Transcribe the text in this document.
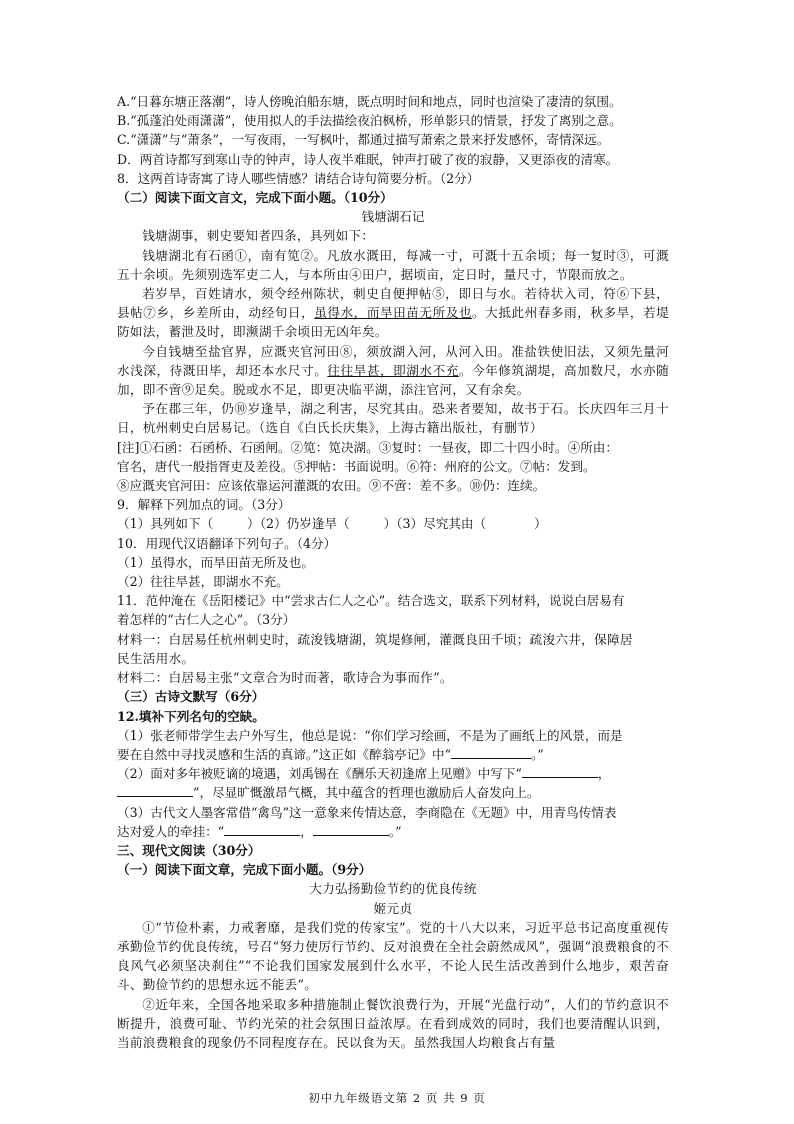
A.“日暮东塘正落潮”，诗人傍晚泊船东塘，既点明时间和地点，同时也渲染了凄清的氛围。

B.“孤蓬泊处雨潇潇”，使用拟人的手法描绘夜泊枫桥，形单影只的情景，抒发了离别之意。

C.“潇潇”与“萧条”，一写夜雨，一写枫叶，都通过描写萧索之景来抒发感怀，寄情深远。

D．两首诗都写到寒山寺的钟声，诗人夜半难眠，钟声打破了夜的寂静，又更添夜的清寒。

8．这两首诗寄寓了诗人哪些情感？请结合诗句简要分析。（2分）

（二）阅读下面文言文，完成下面小题。（10分）

钱塘湖石记

钱塘湖事，刺史要知者四条，具列如下：

钱塘湖北有石函①，南有笕②。凡放水溉田，每减一寸，可溉十五余顷；每一复时③，可溉五十余顷。先须别选军吏二人，与本所由④田户，据顷亩，定日时，量尺寸，节限而放之。

若岁旱，百姓请水，须令经州陈状，刺史自便押帖⑤，即日与水。若待状入司，符⑥下县，县帖⑦乡，乡差所由，动经旬日，虽得水，而旱田苗无所及也。大抵此州春多雨，秋多旱，若堤防如法，蓄泄及时，即濒湖千余顷田无凶年矣。

今自钱塘至盐官界，应溉夹官河田⑧，须放湖入河，从河入田。准盐铁使旧法，又须先量河水浅深，待溉田毕，却还本水尺寸。往往旱甚，即湖水不充。今年修筑湖堤，高加数尺，水亦随加，即不啻⑨足矣。脱或水不足，即更决临平湖，添注官河，又有余矣。

予在郡三年，仍⑩岁逢旱，湖之利害，尽究其由。恐来者要知，故书于石。长庆四年三月十日，杭州刺史白居易记。（选自《白氏长庆集》，上海古籍出版社，有删节）

[注]①石函：石函桥、石函闸。②笕：笕决湖。③复时：一昼夜，即二十四小时。④所由：

官名，唐代一般指胥吏及差役。⑤押帖：书面说明。⑥符：州府的公文。⑦帖：发到。

⑧应溉夹官河田：应该依靠运河灌溉的农田。⑨不啻：差不多。⑩仍：连续。

9．解释下列加点的词。（3分）

（1）具列如下（	）（2）仍岁逢旱（	）（3）尽究其由（	）

10．用现代汉语翻译下列句子。（4分）

（1）虽得水，而旱田苗无所及也。

（2）往往旱甚，即湖水不充。

11．范仲淹在《岳阳楼记》中“尝求古仁人之心”。结合选文，联系下列材料，说说白居易有

着怎样的“古仁人之心”。（3分）

材料一：白居易任杭州刺史时，疏浚钱塘湖，筑堤修闸，灌溉良田千顷；疏浚六井，保障居

民生活用水。

材料二：白居易主张“文章合为时而著，歌诗合为事而作”。

（三）古诗文默写（6分）

12.填补下列名句的空缺。

（1）张老师带学生去户外写生，他总是说：“你们学习绘画，不是为了画纸上的风景，而是

要在自然中寻找灵感和生活的真谛。”这正如《醉翁亭记》中“	。”

（2）面对多年被贬谪的境遇，刘禹锡在《酬乐天初逢席上见赠》中写下“	，

”，尽显旷慨激昂气概，其中蕴含的哲理也激励后人奋发向上。

（3）古代文人墨客常借“禽鸟”这一意象来传情达意，李商隐在《无题》中，用青鸟传情表

达对爱人的牵挂：“	，	。”

三、现代文阅读（30分）

（一）阅读下面文章，完成下面小题。（9分）

大力弘扬勤俭节约的优良传统

姬元贞

①“节俭朴素，力戒奢靡，是我们党的传家宝”。党的十八大以来，习近平总书记高度重视传承勤俭节约优良传统，号召“努力使厉行节约、反对浪费在全社会蔚然成风”，强调“浪费粮食的不良风气必须坚决刹住”“不论我们国家发展到什么水平，不论人民生活改善到什么地步，艰苦奋斗、勤俭节约的思想永远不能丢”。

②近年来，全国各地采取多种措施制止餐饮浪费行为，开展“光盘行动”，人们的节约意识不断提升，浪费可耻、节约光荣的社会氛围日益浓厚。在看到成效的同时，我们也要清醒认识到，当前浪费粮食的现象仍不同程度存在。民以食为天。虽然我国人均粮食占有量

初中九年级语文第 2 页 共 9 页
